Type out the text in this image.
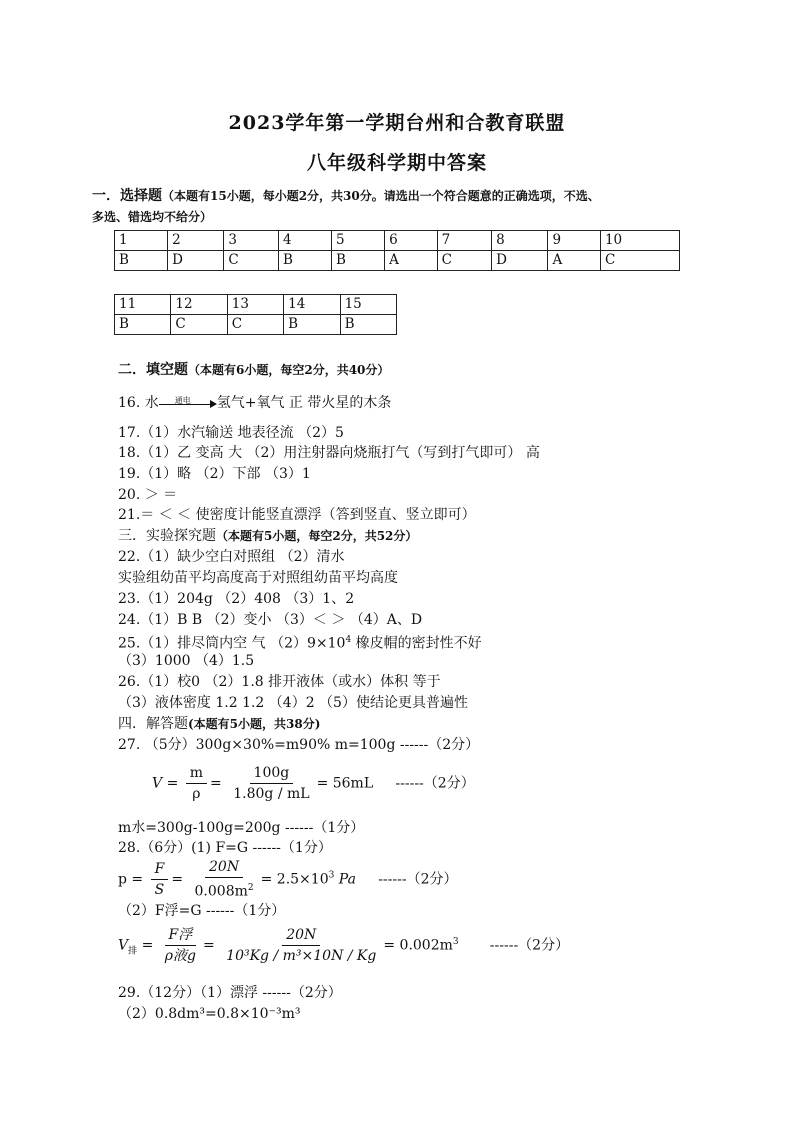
2023学年第一学期台州和合教育联盟
八年级科学期中答案
一．选择题（本题有15小题，每小题2分，共30分。请选出一个符合题意的正确选项，不选、
多选、错选均不给分）
1	2	3	4	5	6	7	8	9	10
B	D	C	B	B	A	C	D	A	C
11	12	13	14	15
B	C	C	B	B
二．填空题（本题有6小题，每空2分，共40分）
16. 水 通电 氢气+氧气 正 带火星的木条
17.（1）水汽输送 地表径流 （2）5
18.（1）乙 变高 大 （2）用注射器向烧瓶打气（写到打气即可） 高
19.（1）略 （2）下部 （3）1
20. ＞ ＝
21.＝ ＜ ＜ 使密度计能竖直漂浮（答到竖直、竖立即可）
三．实验探究题（本题有5小题，每空2分，共52分）
22.（1）缺少空白对照组 （2）清水
实验组幼苗平均高度高于对照组幼苗平均高度
23.（1）204g （2）408 （3）1、2
24.（1）B B （2）变小 （3）＜ ＞ （4）A、D
25.（1）排尽筒内空 气 $(2)9\times 10^4$ 橡皮帽的密封性不好
（3）1000 （4）1.5
26.（1）校0 （2）1.8 排开液体（或水）体积 等于
（3）液体密度 1.2 1.2 （4）2 （5）使结论更具普遍性
四．解答题(本题有5小题，共38分)
27. （5分）300g×30%=m90% m=100g ------（2分）
$V = \frac{m}{\rho} = \frac{100g}{1.80g / mL} = 56mL$ ------（2分）
m水=300g-100g=200g ------（1分）
28.（6分）(1) F=G ------（1分）
$p = \frac{F}{S} = \frac{20N}{0.008m^2} = 2.5\times 10^3$ Pa ------（2分）
（2）F浮=G ------（1分）
$V_排 = \frac{\text{F浮}}{\text{ρ液g}} = \frac{20N}{\text{10³Kg / m³×10N / Kg}} = 0.002m^3$ ------（2分）
29.（12分）（1）漂浮 ------（2分）
（2）0.8dm³=0.8×10⁻³m³
